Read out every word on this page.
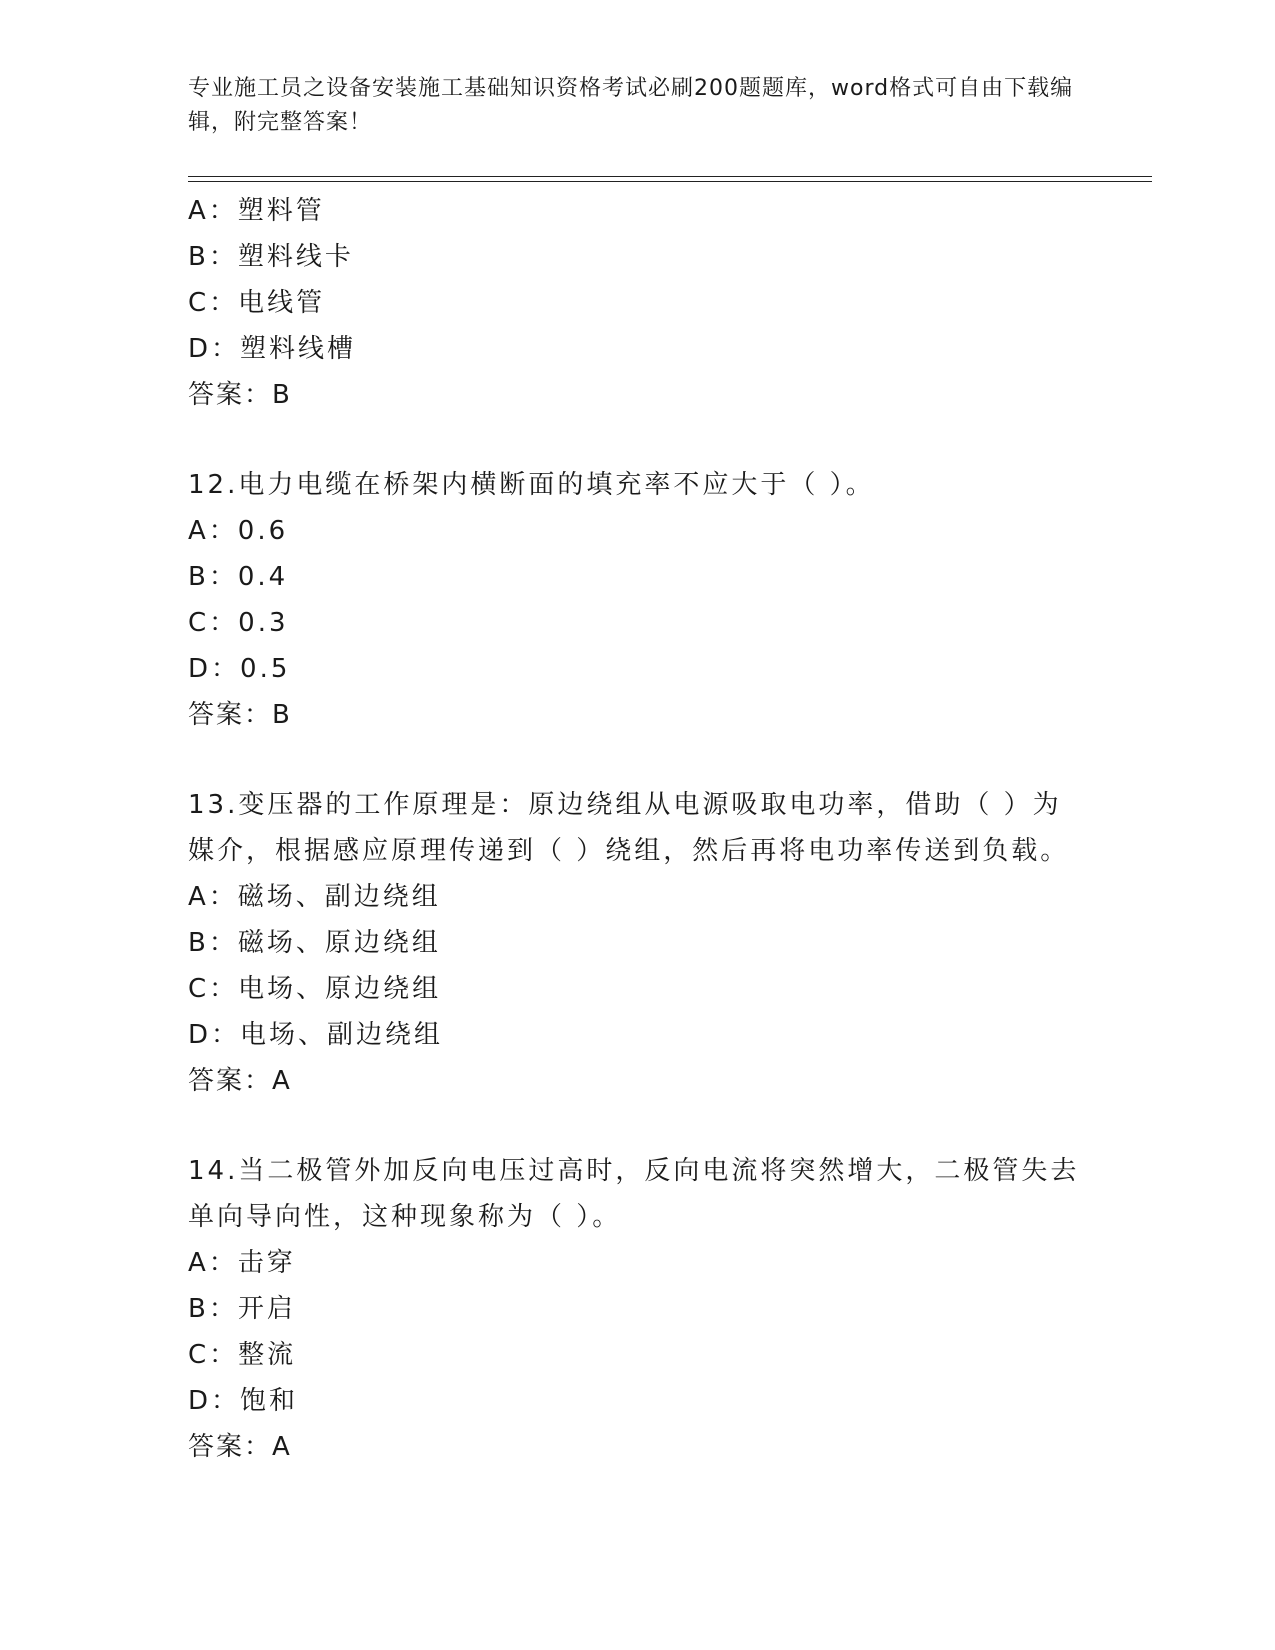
专业施工员之设备安装施工基础知识资格考试必刷200题题库，word格式可自由下载编辑，附完整答案！
A：塑料管
B：塑料线卡
C：电线管
D：塑料线槽
答案：B
12.电力电缆在桥架内横断面的填充率不应大于（ ）。
A：0.6
B：0.4
C：0.3
D：0.5
答案：B
13.变压器的工作原理是：原边绕组从电源吸取电功率，借助（ ）为媒介，根据感应原理传递到（ ）绕组，然后再将电功率传送到负载。
A：磁场、副边绕组
B：磁场、原边绕组
C：电场、原边绕组
D：电场、副边绕组
答案：A
14.当二极管外加反向电压过高时，反向电流将突然增大，二极管失去单向导向性，这种现象称为（ ）。
A：击穿
B：开启
C：整流
D：饱和
答案：A
